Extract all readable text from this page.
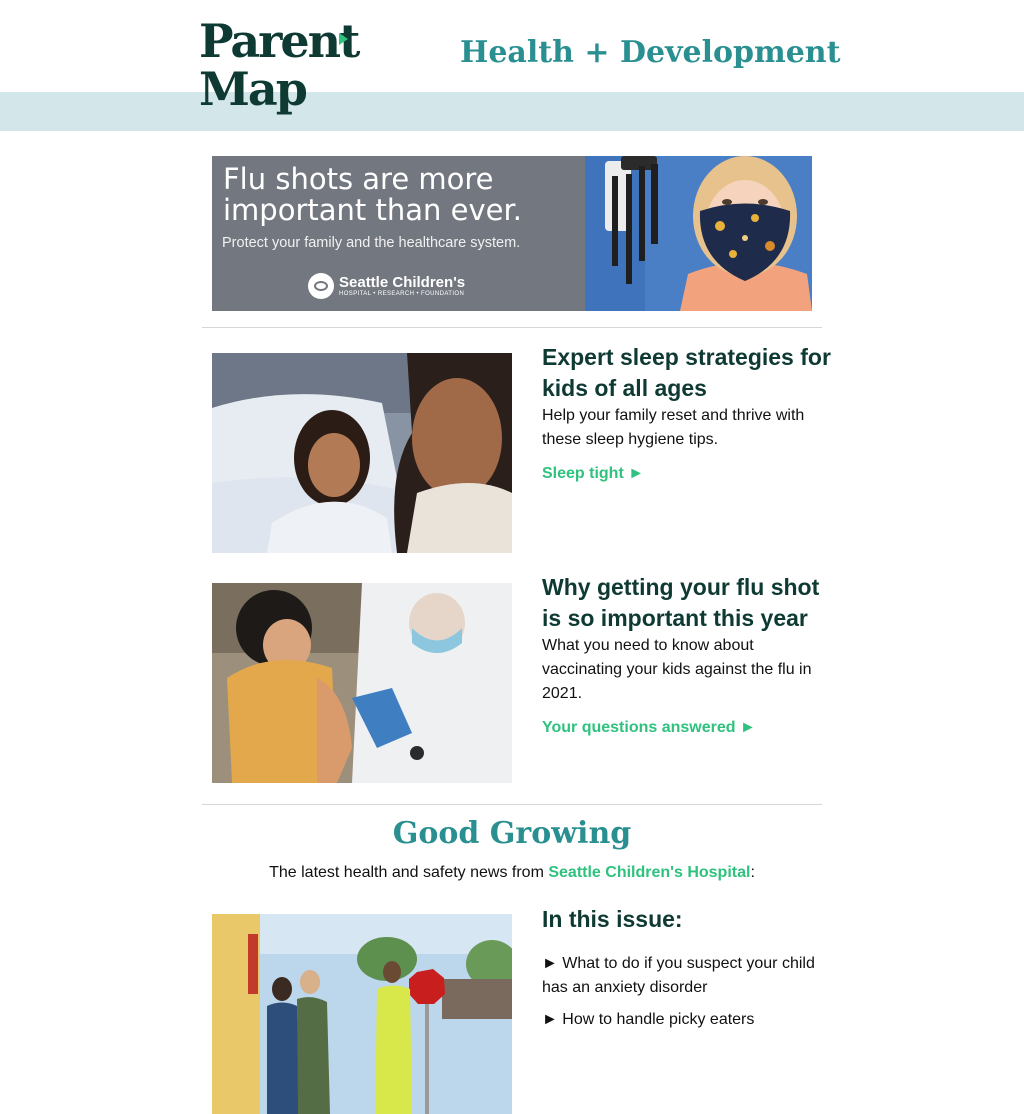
Parent
Map
Health + Development
Flu shots are more important than ever.
Protect your family and the healthcare system.
Seattle Children's
HOSPITAL • RESEARCH • FOUNDATION
Expert sleep strategies for kids of all ages
Help your family reset and thrive with these sleep hygiene tips.
Sleep tight ►
Why getting your flu shot is so important this year
What you need to know about vaccinating your kids against the flu in 2021.
Your questions answered ►
Good Growing
The latest health and safety news from Seattle Children's Hospital:
In this issue:
► What to do if you suspect your child has an anxiety disorder
► How to handle picky eaters
